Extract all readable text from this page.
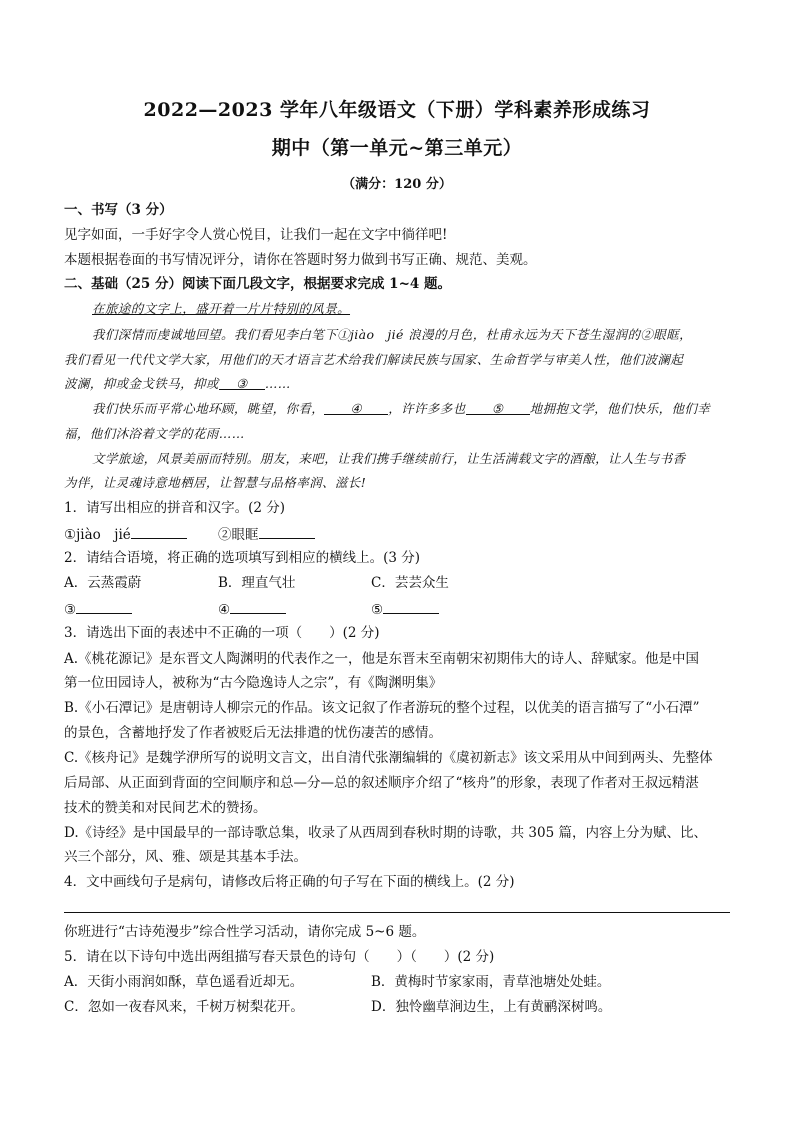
2022—2023 学年八年级语文（下册）学科素养形成练习
期中（第一单元~第三单元）
（满分：120 分）
一、书写（3 分）
见字如面，一手好字令人赏心悦目，让我们一起在文字中徜徉吧!
本题根据卷面的书写情况评分，请你在答题时努力做到书写正确、规范、美观。
二、基础（25 分）阅读下面几段文字，根据要求完成 1~4 题。
在旅途的文字上，盛开着一片片特别的风景。
我们深情而虔诚地回望。我们看见李白笔下①jiào　jié 浪漫的月色，杜甫永远为天下苍生湿润的②眼眶，
我们看见一代代文学大家，用他们的天才语言艺术给我们解读民族与国家、生命哲学与审美人性，他们波澜起
波澜，抑或金戈铁马，抑或 ③ ……
我们快乐而平常心地环顾，眺望，你看， ④ ，许许多多也 ⑤ 地拥抱文学，他们快乐，他们幸
福，他们沐浴着文学的花雨……
文学旅途，风景美丽而特别。朋友，来吧，让我们携手继续前行，让生活满载文字的酒酿，让人生与书香
为伴，让灵魂诗意地栖居，让智慧与品格率润、滋长!
1．请写出相应的拼音和汉字。(2 分)
①jiào　jié	②眼眶
2．请结合语境，将正确的选项填写到相应的横线上。(3 分)
A．云蒸霞蔚	B．理直气壮	C．芸芸众生
③	④	⑤
3．请选出下面的表述中不正确的一项（　　）(2 分)
A.《桃花源记》是东晋文人陶渊明的代表作之一，他是东晋末至南朝宋初期伟大的诗人、辞赋家。他是中国
第一位田园诗人，被称为“古今隐逸诗人之宗”，有《陶渊明集》
B.《小石潭记》是唐朝诗人柳宗元的作品。该文记叙了作者游玩的整个过程，以优美的语言描写了“小石潭”
的景色，含蓄地抒发了作者被贬后无法排遣的忧伤凄苦的感情。
C.《核舟记》是魏学洢所写的说明文言文，出自清代张潮编辑的《虞初新志》该文采用从中间到两头、先整体
后局部、从正面到背面的空间顺序和总—分—总的叙述顺序介绍了“核舟”的形象，表现了作者对王叔远精湛
技术的赞美和对民间艺术的赞扬。
D.《诗经》是中国最早的一部诗歌总集，收录了从西周到春秋时期的诗歌，共 305 篇，内容上分为赋、比、
兴三个部分，风、雅、颂是其基本手法。
4．文中画线句子是病句，请修改后将正确的句子写在下面的横线上。(2 分)
你班进行“古诗苑漫步”综合性学习活动，请你完成 5~6 题。
5．请在以下诗句中选出两组描写春天景色的诗句（　　）（　　）(2 分)
A．天街小雨润如酥，草色遥看近却无。	B．黄梅时节家家雨，青草池塘处处蛙。
C．忽如一夜春风来，千树万树梨花开。	D．独怜幽草涧边生，上有黄鹂深树鸣。
